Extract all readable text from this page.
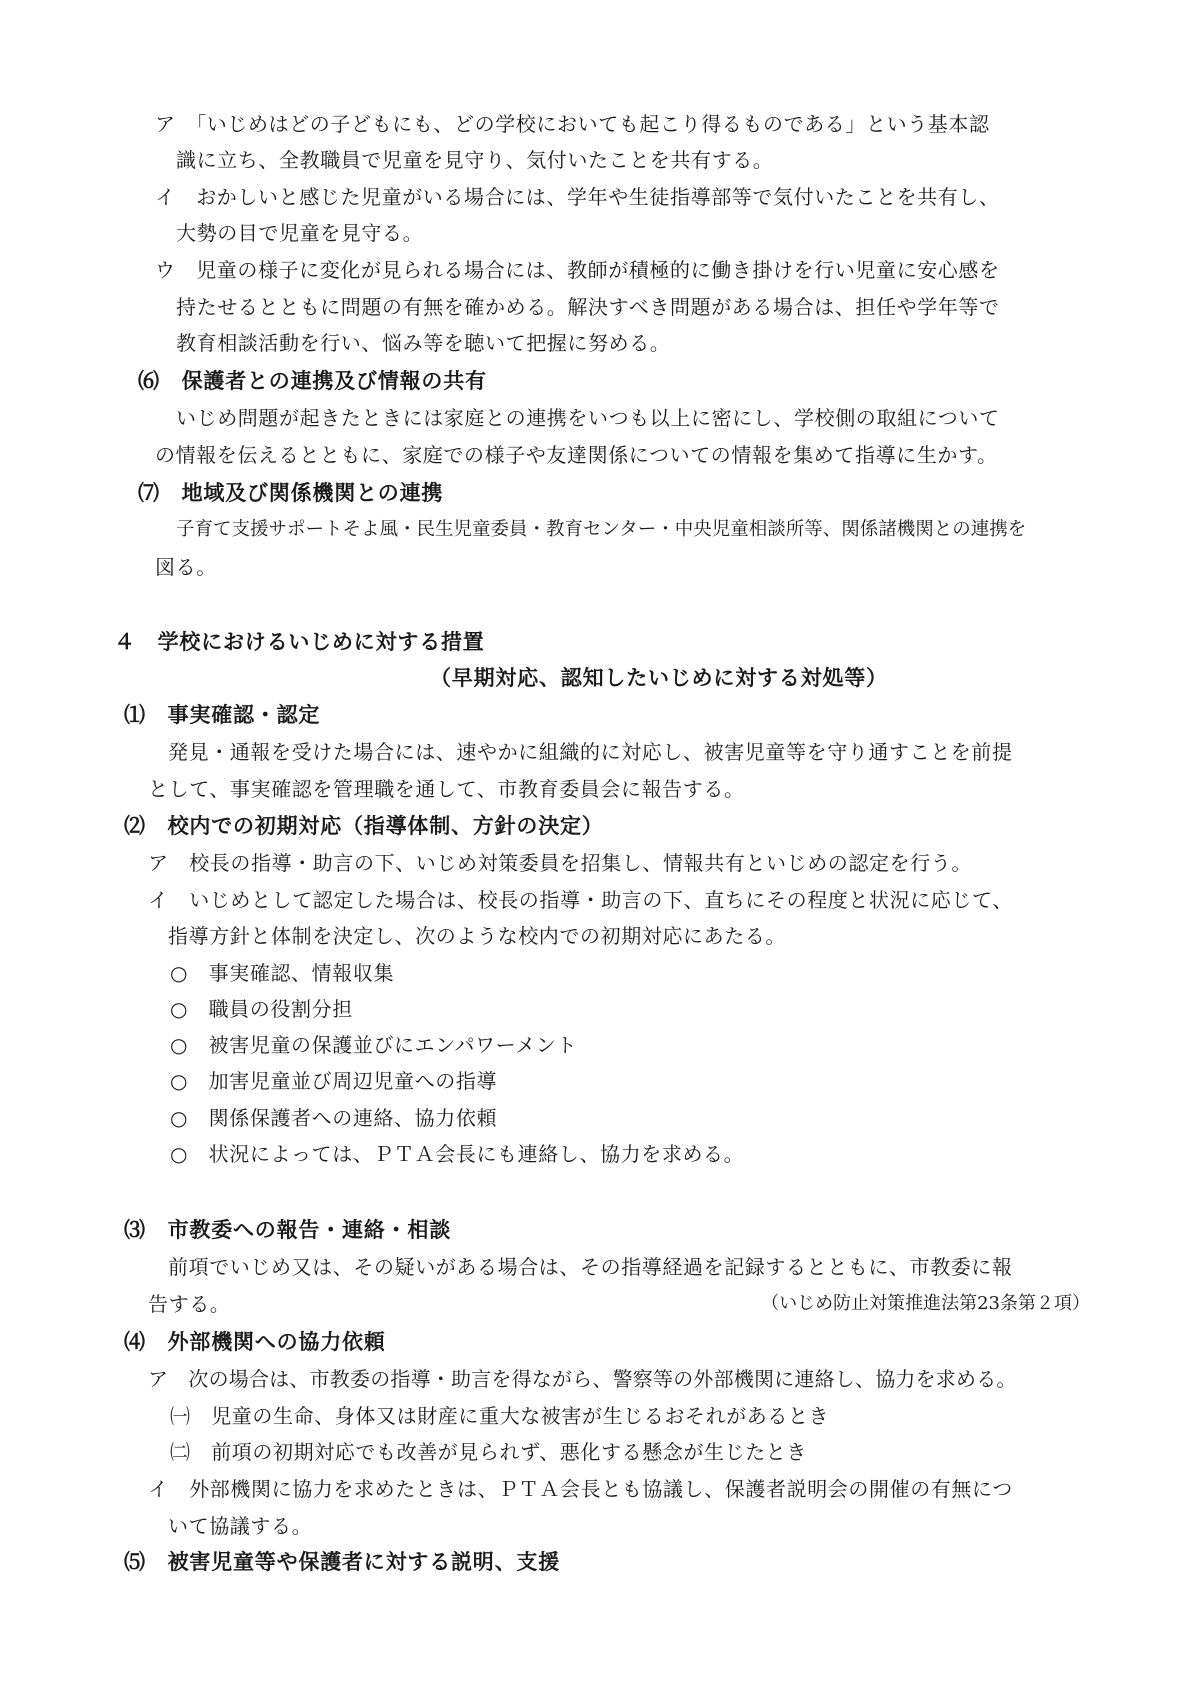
ア　「いじめはどの子どもにも、どの学校においても起こり得るものである」という基本認
識に立ち、全教職員で児童を見守り、気付いたことを共有する。
イ　おかしいと感じた児童がいる場合には、学年や生徒指導部等で気付いたことを共有し、
大勢の目で児童を見守る。
ウ　児童の様子に変化が見られる場合には、教師が積極的に働き掛けを行い児童に安心感を
持たせるとともに問題の有無を確かめる。解決すべき問題がある場合は、担任や学年等で
教育相談活動を行い、悩み等を聴いて把握に努める。
⑹　保護者との連携及び情報の共有
いじめ問題が起きたときには家庭との連携をいつも以上に密にし、学校側の取組について
の情報を伝えるとともに、家庭での様子や友達関係についての情報を集めて指導に生かす。
⑺　地域及び関係機関との連携
子育て支援サポートそよ風・民生児童委員・教育センター・中央児童相談所等、関係諸機関との連携を
図る。
４　学校におけるいじめに対する措置
（早期対応、認知したいじめに対する対処等）
⑴　事実確認・認定
発見・通報を受けた場合には、速やかに組織的に対応し、被害児童等を守り通すことを前提
として、事実確認を管理職を通して、市教育委員会に報告する。
⑵　校内での初期対応（指導体制、方針の決定）
ア　校長の指導・助言の下、いじめ対策委員を招集し、情報共有といじめの認定を行う。
イ　いじめとして認定した場合は、校長の指導・助言の下、直ちにその程度と状況に応じて、
指導方針と体制を決定し、次のような校内での初期対応にあたる。
○　事実確認、情報収集
○　職員の役割分担
○　被害児童の保護並びにエンパワーメント
○　加害児童並び周辺児童への指導
○　関係保護者への連絡、協力依頼
○　状況によっては、ＰＴＡ会長にも連絡し、協力を求める。
⑶　市教委への報告・連絡・相談
前項でいじめ又は、その疑いがある場合は、その指導経過を記録するとともに、市教委に報
告する。	（いじめ防止対策推進法第23条第２項）
⑷　外部機関への協力依頼
ア　次の場合は、市教委の指導・助言を得ながら、警察等の外部機関に連絡し、協力を求める。
㈠　児童の生命、身体又は財産に重大な被害が生じるおそれがあるとき
㈡　前項の初期対応でも改善が見られず、悪化する懸念が生じたとき
イ　外部機関に協力を求めたときは、ＰＴＡ会長とも協議し、保護者説明会の開催の有無につ
いて協議する。
⑸　被害児童等や保護者に対する説明、支援
